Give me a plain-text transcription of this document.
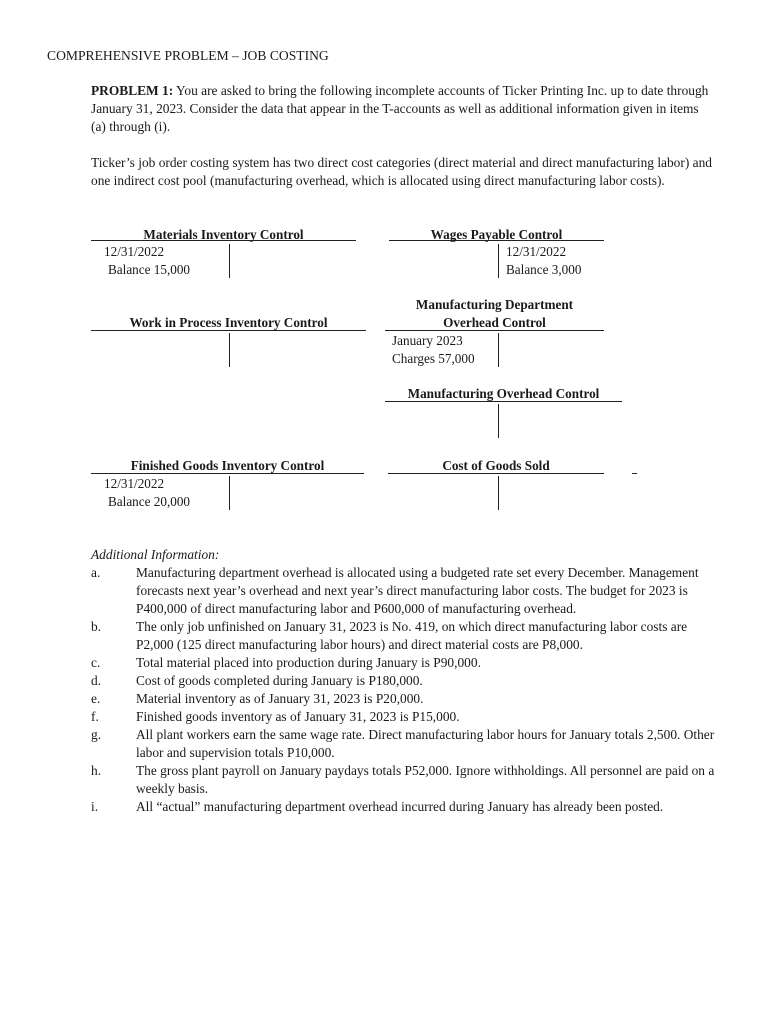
COMPREHENSIVE PROBLEM – JOB COSTING
PROBLEM 1: You are asked to bring the following incomplete accounts of Ticker Printing Inc. up to date through January 31, 2023. Consider the data that appear in the T-accounts as well as additional information given in items (a) through (i).
Ticker’s job order costing system has two direct cost categories (direct material and direct manufacturing labor) and one indirect cost pool (manufacturing overhead, which is allocated using direct manufacturing labor costs).
Materials Inventory Control
12/31/2022
Balance 15,000
Wages Payable Control
12/31/2022
Balance 3,000
Work in Process Inventory Control
Manufacturing Department
Overhead Control
January 2023
Charges 57,000
Manufacturing Overhead Control
Finished Goods Inventory Control
12/31/2022
Balance 20,000
Cost of Goods Sold
Additional Information:
a.	Manufacturing department overhead is allocated using a budgeted rate set every December. Management forecasts next year’s overhead and next year’s direct manufacturing labor costs. The budget for 2023 is P400,000 of direct manufacturing labor and P600,000 of manufacturing overhead.
b.	The only job unfinished on January 31, 2023 is No. 419, on which direct manufacturing labor costs are P2,000 (125 direct manufacturing labor hours) and direct material costs are P8,000.
c.	Total material placed into production during January is P90,000.
d.	Cost of goods completed during January is P180,000.
e.	Material inventory as of January 31, 2023 is P20,000.
f.	Finished goods inventory as of January 31, 2023 is P15,000.
g.	All plant workers earn the same wage rate. Direct manufacturing labor hours for January totals 2,500. Other labor and supervision totals P10,000.
h.	The gross plant payroll on January paydays totals P52,000. Ignore withholdings. All personnel are paid on a weekly basis.
i.	All “actual” manufacturing department overhead incurred during January has already been posted.
